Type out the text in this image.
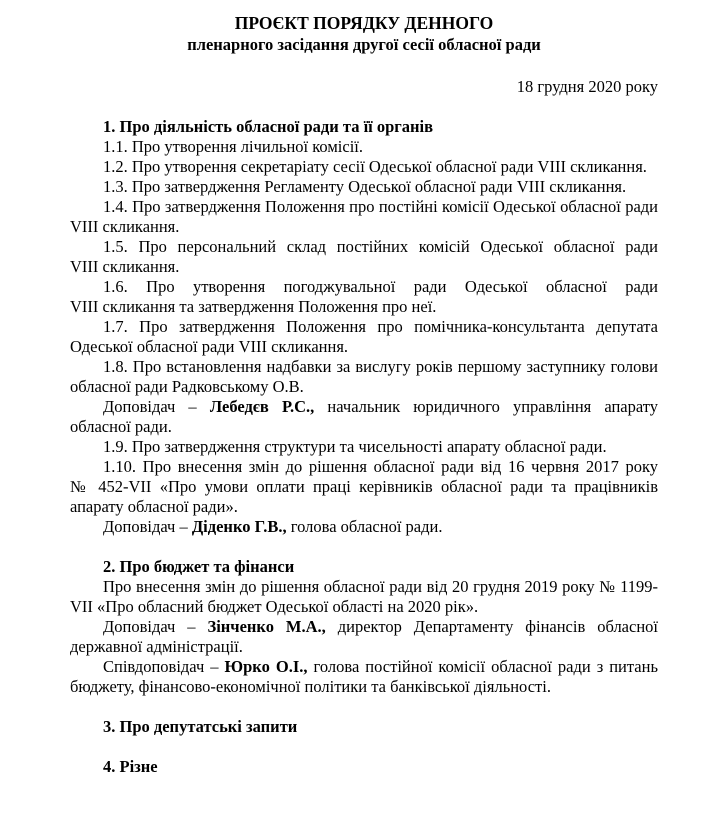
ПРОЄКТ ПОРЯДКУ ДЕННОГО
пленарного засідання другої сесії обласної ради
18 грудня 2020 року
1. Про діяльність обласної ради та її органів

1.1. Про утворення лічильної комісії.

1.2. Про утворення секретаріату сесії Одеської обласної ради VIII скликання.

1.3. Про затвердження Регламенту Одеської обласної ради VIII скликання.

1.4. Про затвердження Положення про постійні комісії Одеської обласної ради VIII скликання.

1.5. Про персональний склад постійних комісій Одеської обласної ради VIII скликання.

1.6. Про утворення погоджувальної ради Одеської обласної ради VIII скликання та затвердження Положення про неї.

1.7. Про затвердження Положення про помічника-консультанта депутата Одеської обласної ради VIII скликання.

1.8. Про встановлення надбавки за вислугу років першому заступнику голови обласної ради Радковському О.В.

Доповідач – Лебедєв Р.С., начальник юридичного управління апарату обласної ради.

1.9. Про затвердження структури та чисельності апарату обласної ради.

1.10. Про внесення змін до рішення обласної ради від 16 червня 2017 року № 452-VII «Про умови оплати праці керівників обласної ради та працівників апарату обласної ради».

Доповідач – Діденко Г.В., голова обласної ради.

2. Про бюджет та фінанси

Про внесення змін до рішення обласної ради від 20 грудня 2019 року № 1199-VII «Про обласний бюджет Одеської області на 2020 рік».

Доповідач – Зінченко М.А., директор Департаменту фінансів обласної державної адміністрації.

Співдоповідач – Юрко О.І., голова постійної комісії обласної ради з питань бюджету, фінансово-економічної політики та банківської діяльності.

3. Про депутатські запити
4. Різне
